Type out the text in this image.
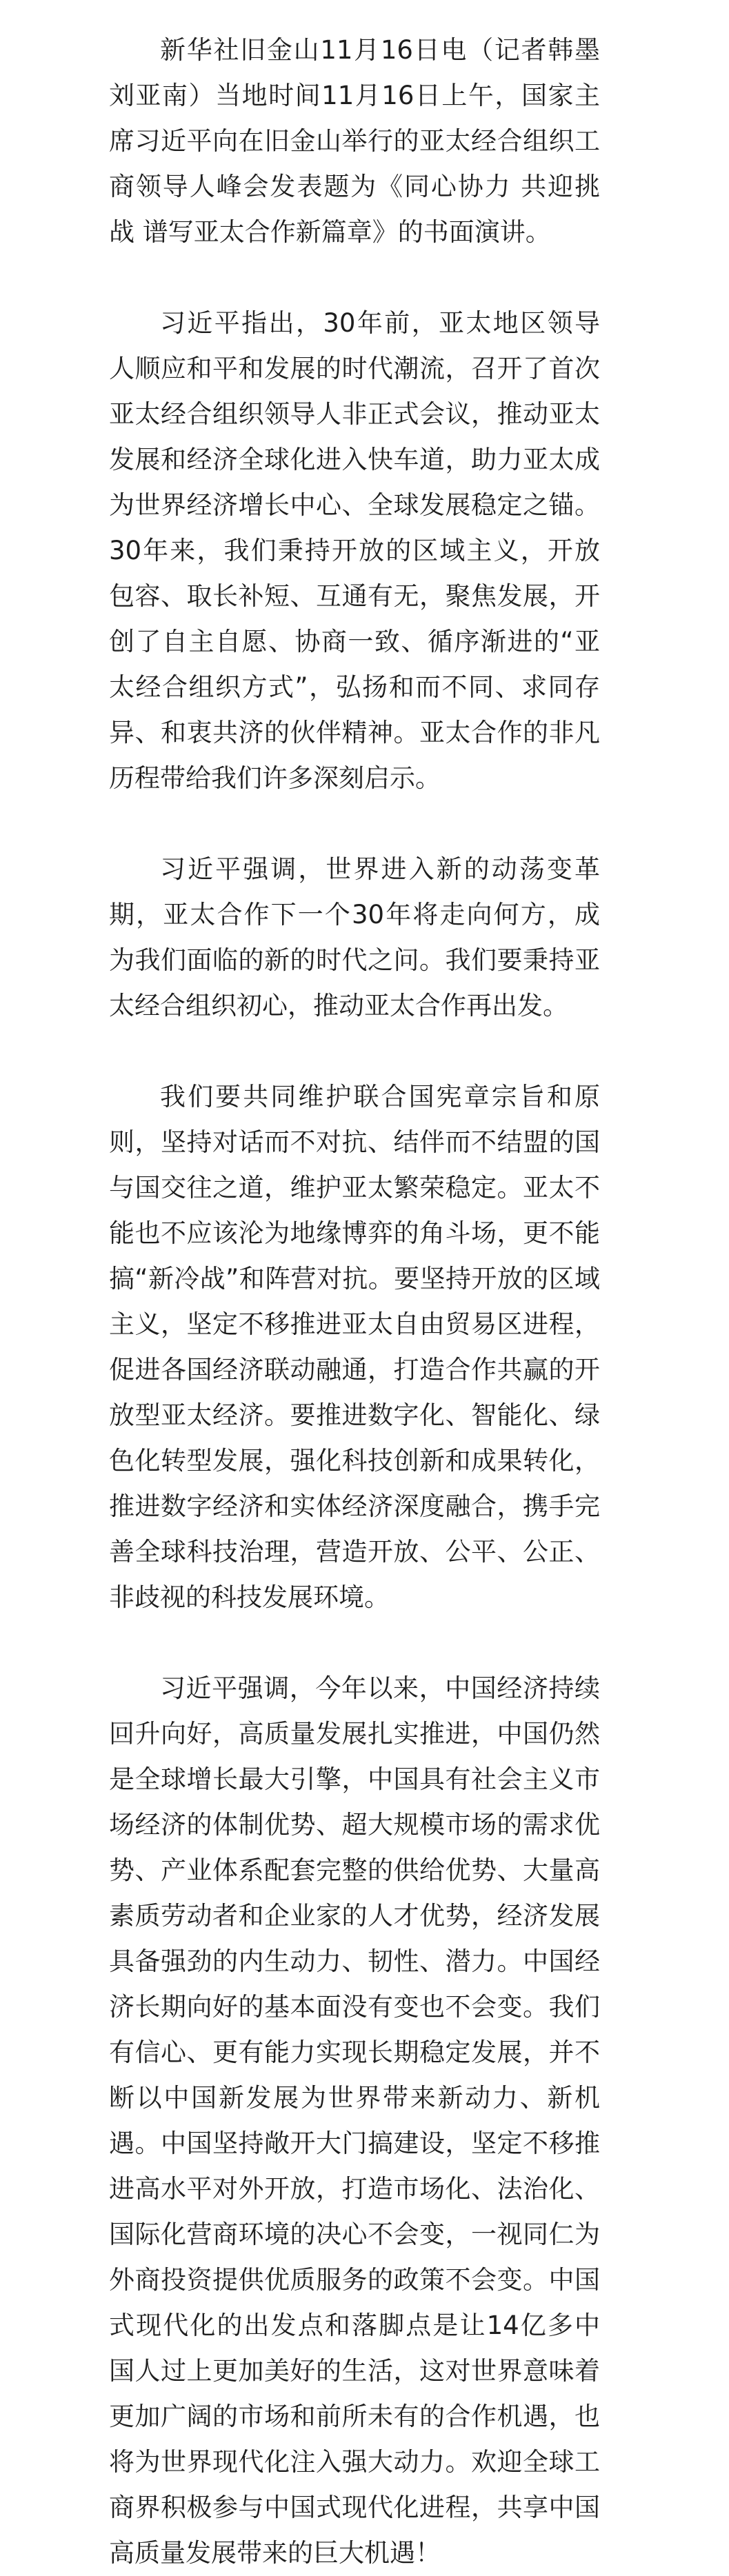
新华社旧金山11月16日电（记者韩墨刘亚南）当地时间11月16日上午，国家主席习近平向在旧金山举行的亚太经合组织工商领导人峰会发表题为《同心协力 共迎挑战 谱写亚太合作新篇章》的书面演讲。

习近平指出，30年前，亚太地区领导人顺应和平和发展的时代潮流，召开了首次亚太经合组织领导人非正式会议，推动亚太发展和经济全球化进入快车道，助力亚太成为世界经济增长中心、全球发展稳定之锚。30年来，我们秉持开放的区域主义，开放包容、取长补短、互通有无，聚焦发展，开创了自主自愿、协商一致、循序渐进的“亚太经合组织方式”，弘扬和而不同、求同存异、和衷共济的伙伴精神。亚太合作的非凡历程带给我们许多深刻启示。

习近平强调，世界进入新的动荡变革期，亚太合作下一个30年将走向何方，成为我们面临的新的时代之问。我们要秉持亚太经合组织初心，推动亚太合作再出发。

我们要共同维护联合国宪章宗旨和原则，坚持对话而不对抗、结伴而不结盟的国与国交往之道，维护亚太繁荣稳定。亚太不能也不应该沦为地缘博弈的角斗场，更不能搞“新冷战”和阵营对抗。要坚持开放的区域主义，坚定不移推进亚太自由贸易区进程，促进各国经济联动融通，打造合作共赢的开放型亚太经济。要推进数字化、智能化、绿色化转型发展，强化科技创新和成果转化，推进数字经济和实体经济深度融合，携手完善全球科技治理，营造开放、公平、公正、非歧视的科技发展环境。

习近平强调，今年以来，中国经济持续回升向好，高质量发展扎实推进，中国仍然是全球增长最大引擎，中国具有社会主义市场经济的体制优势、超大规模市场的需求优势、产业体系配套完整的供给优势、大量高素质劳动者和企业家的人才优势，经济发展具备强劲的内生动力、韧性、潜力。中国经济长期向好的基本面没有变也不会变。我们有信心、更有能力实现长期稳定发展，并不断以中国新发展为世界带来新动力、新机遇。中国坚持敞开大门搞建设，坚定不移推进高水平对外开放，打造市场化、法治化、国际化营商环境的决心不会变，一视同仁为外商投资提供优质服务的政策不会变。中国式现代化的出发点和落脚点是让14亿多中国人过上更加美好的生活，这对世界意味着更加广阔的市场和前所未有的合作机遇，也将为世界现代化注入强大动力。欢迎全球工商界积极参与中国式现代化进程，共享中国高质量发展带来的巨大机遇！
